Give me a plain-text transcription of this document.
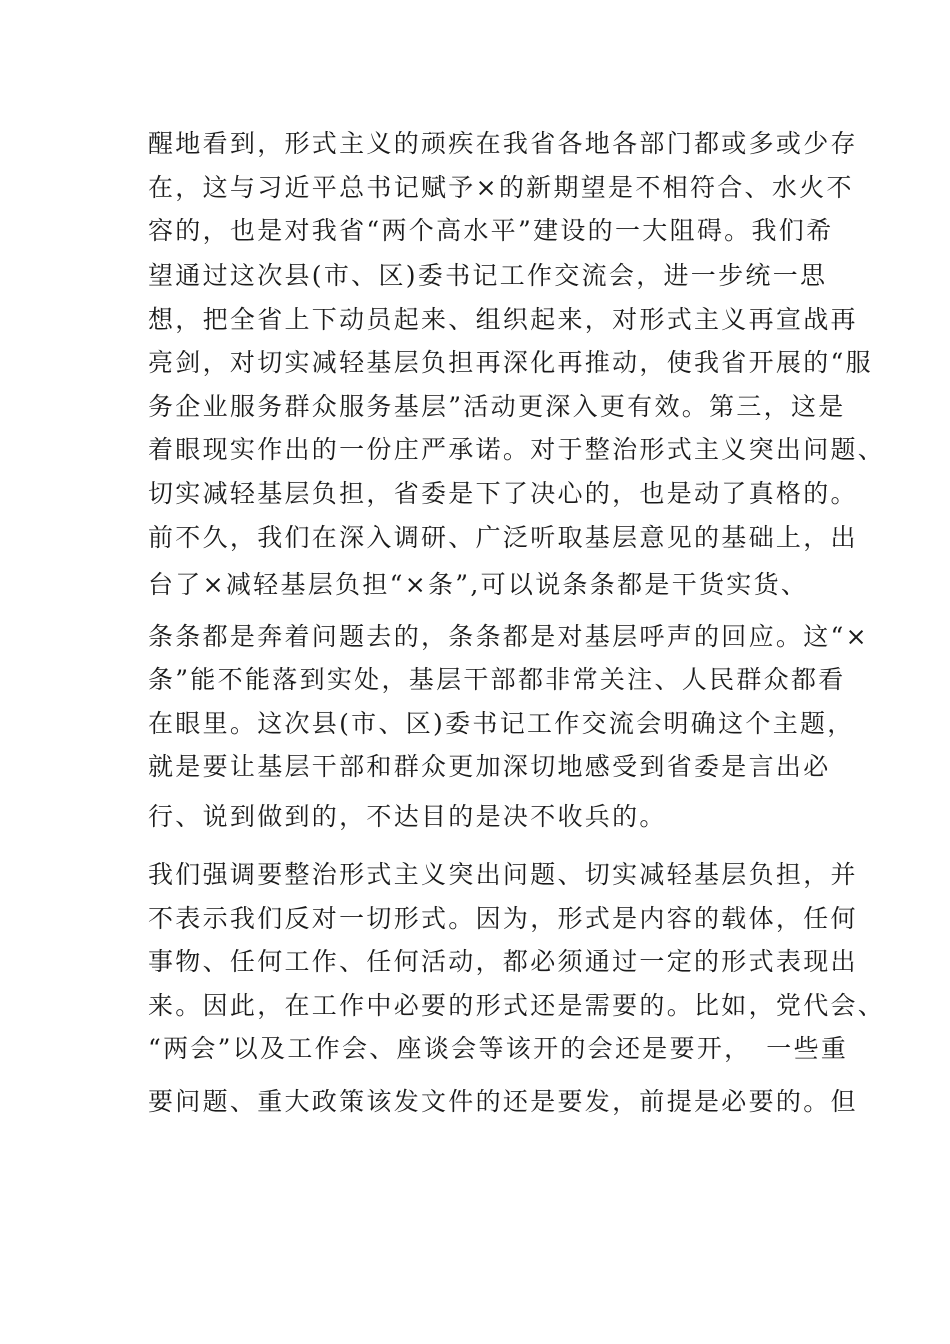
醒地看到，形式主义的顽疾在我省各地各部门都或多或少存
在，这与习近平总书记赋予×的新期望是不相符合、水火不
容的，也是对我省“两个高水平”建设的一大阻碍。我们希
望通过这次县(市、区)委书记工作交流会，进一步统一思
想，把全省上下动员起来、组织起来，对形式主义再宣战再
亮剑，对切实减轻基层负担再深化再推动，使我省开展的“服
务企业服务群众服务基层”活动更深入更有效。第三，这是
着眼现实作出的一份庄严承诺。对于整治形式主义突出问题、
切实减轻基层负担，省委是下了决心的，也是动了真格的。
前不久，我们在深入调研、广泛听取基层意见的基础上，出
台了×减轻基层负担“×条”,可以说条条都是干货实货、
条条都是奔着问题去的，条条都是对基层呼声的回应。这“×
条”能不能落到实处，基层干部都非常关注、人民群众都看
在眼里。这次县(市、区)委书记工作交流会明确这个主题，
就是要让基层干部和群众更加深切地感受到省委是言出必
行、说到做到的，不达目的是决不收兵的。
我们强调要整治形式主义突出问题、切实减轻基层负担，并
不表示我们反对一切形式。因为，形式是内容的载体，任何
事物、任何工作、任何活动，都必须通过一定的形式表现出
来。因此，在工作中必要的形式还是需要的。比如，党代会、
“两会”以及工作会、座谈会等该开的会还是要开，　一些重
要问题、重大政策该发文件的还是要发，前提是必要的。但
